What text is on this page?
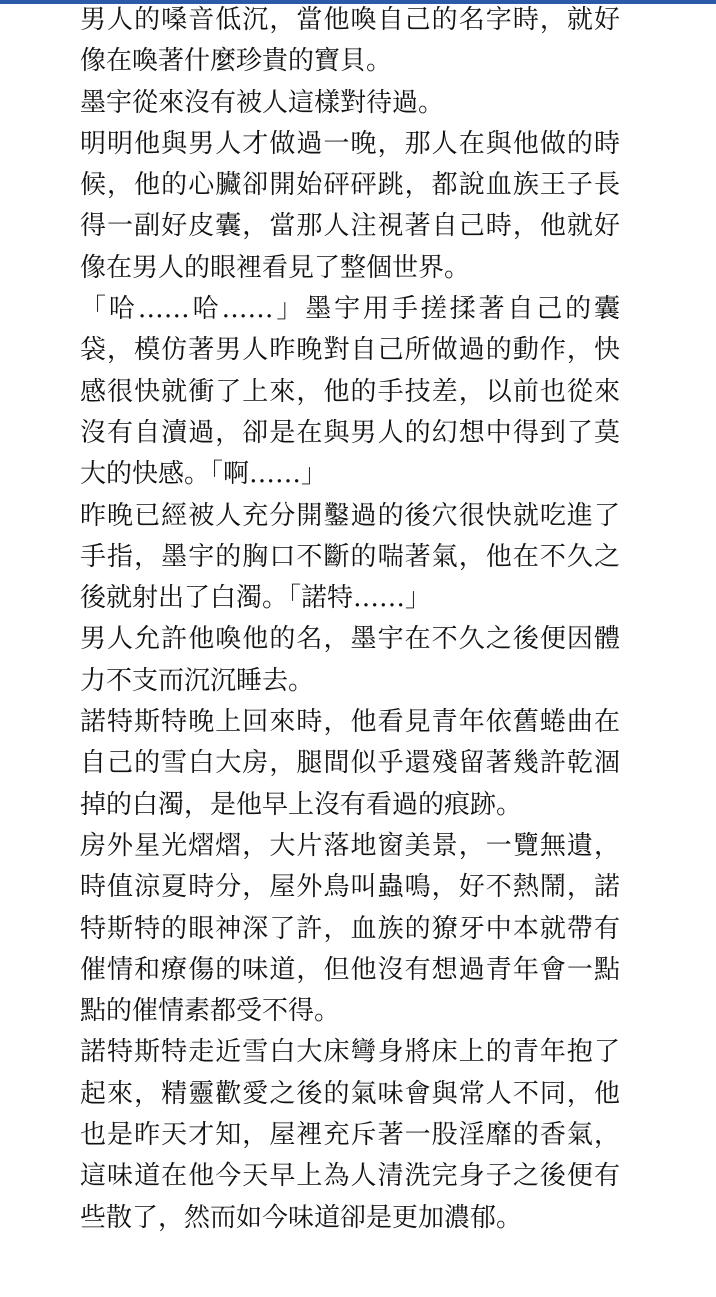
男人的嗓音低沉，當他喚自己的名字時，就好像在喚著什麼珍貴的寶貝。

墨宇從來沒有被人這樣對待過。

明明他與男人才做過一晚，那人在與他做的時候，他的心臟卻開始砰砰跳，都說血族王子長得一副好皮囊，當那人注視著自己時，他就好像在男人的眼裡看見了整個世界。

「哈……哈……」墨宇用手搓揉著自己的囊袋，模仿著男人昨晚對自己所做過的動作，快感很快就衝了上來，他的手技差，以前也從來沒有自瀆過，卻是在與男人的幻想中得到了莫大的快感。「啊……」

昨晚已經被人充分開鑿過的後穴很快就吃進了手指，墨宇的胸口不斷的喘著氣，他在不久之後就射出了白濁。「諾特……」

男人允許他喚他的名，墨宇在不久之後便因體力不支而沉沉睡去。

諾特斯特晚上回來時，他看見青年依舊蜷曲在自己的雪白大房，腿間似乎還殘留著幾許乾涸掉的白濁，是他早上沒有看過的痕跡。

房外星光熠熠，大片落地窗美景，一覽無遺，時值涼夏時分，屋外鳥叫蟲鳴，好不熱鬧，諾特斯特的眼神深了許，血族的獠牙中本就帶有催情和療傷的味道，但他沒有想過青年會一點點的催情素都受不得。

諾特斯特走近雪白大床彎身將床上的青年抱了起來，精靈歡愛之後的氣味會與常人不同，他也是昨天才知，屋裡充斥著一股淫靡的香氣，這味道在他今天早上為人清洗完身子之後便有些散了，然而如今味道卻是更加濃郁。
